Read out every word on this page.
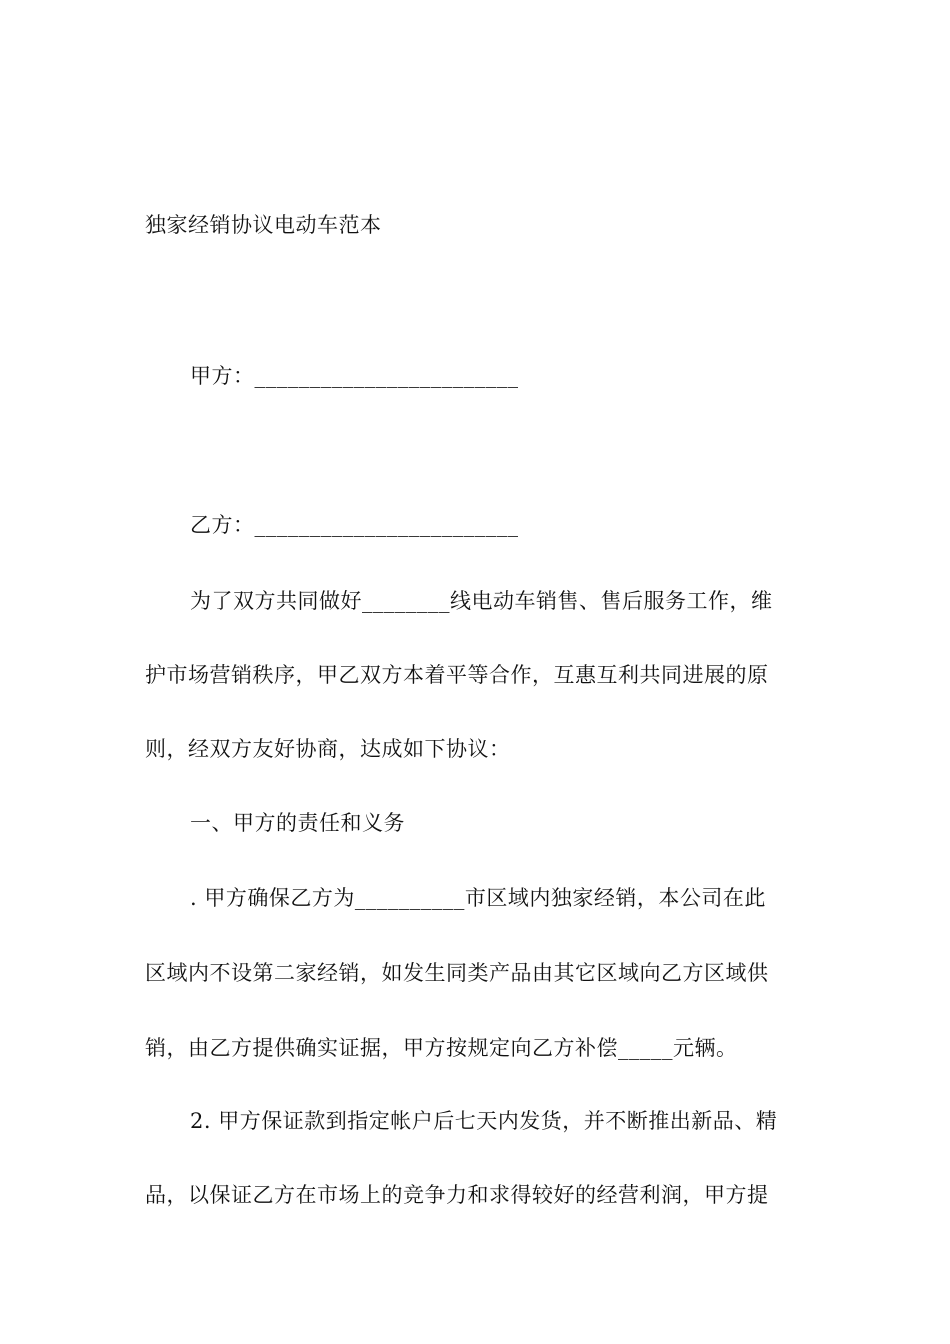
独家经销协议电动车范本
甲方：________________________
乙方：________________________
为了双方共同做好________线电动车销售、售后服务工作，维
护市场营销秩序，甲乙双方本着平等合作，互惠互利共同进展的原
则，经双方友好协商，达成如下协议：
一、甲方的责任和义务
. 甲方确保乙方为__________市区域内独家经销，本公司在此
区域内不设第二家经销，如发生同类产品由其它区域向乙方区域供
销，由乙方提供确实证据，甲方按规定向乙方补偿_____元辆。
2. 甲方保证款到指定帐户后七天内发货，并不断推出新品、精
品，以保证乙方在市场上的竞争力和求得较好的经营利润，甲方提
